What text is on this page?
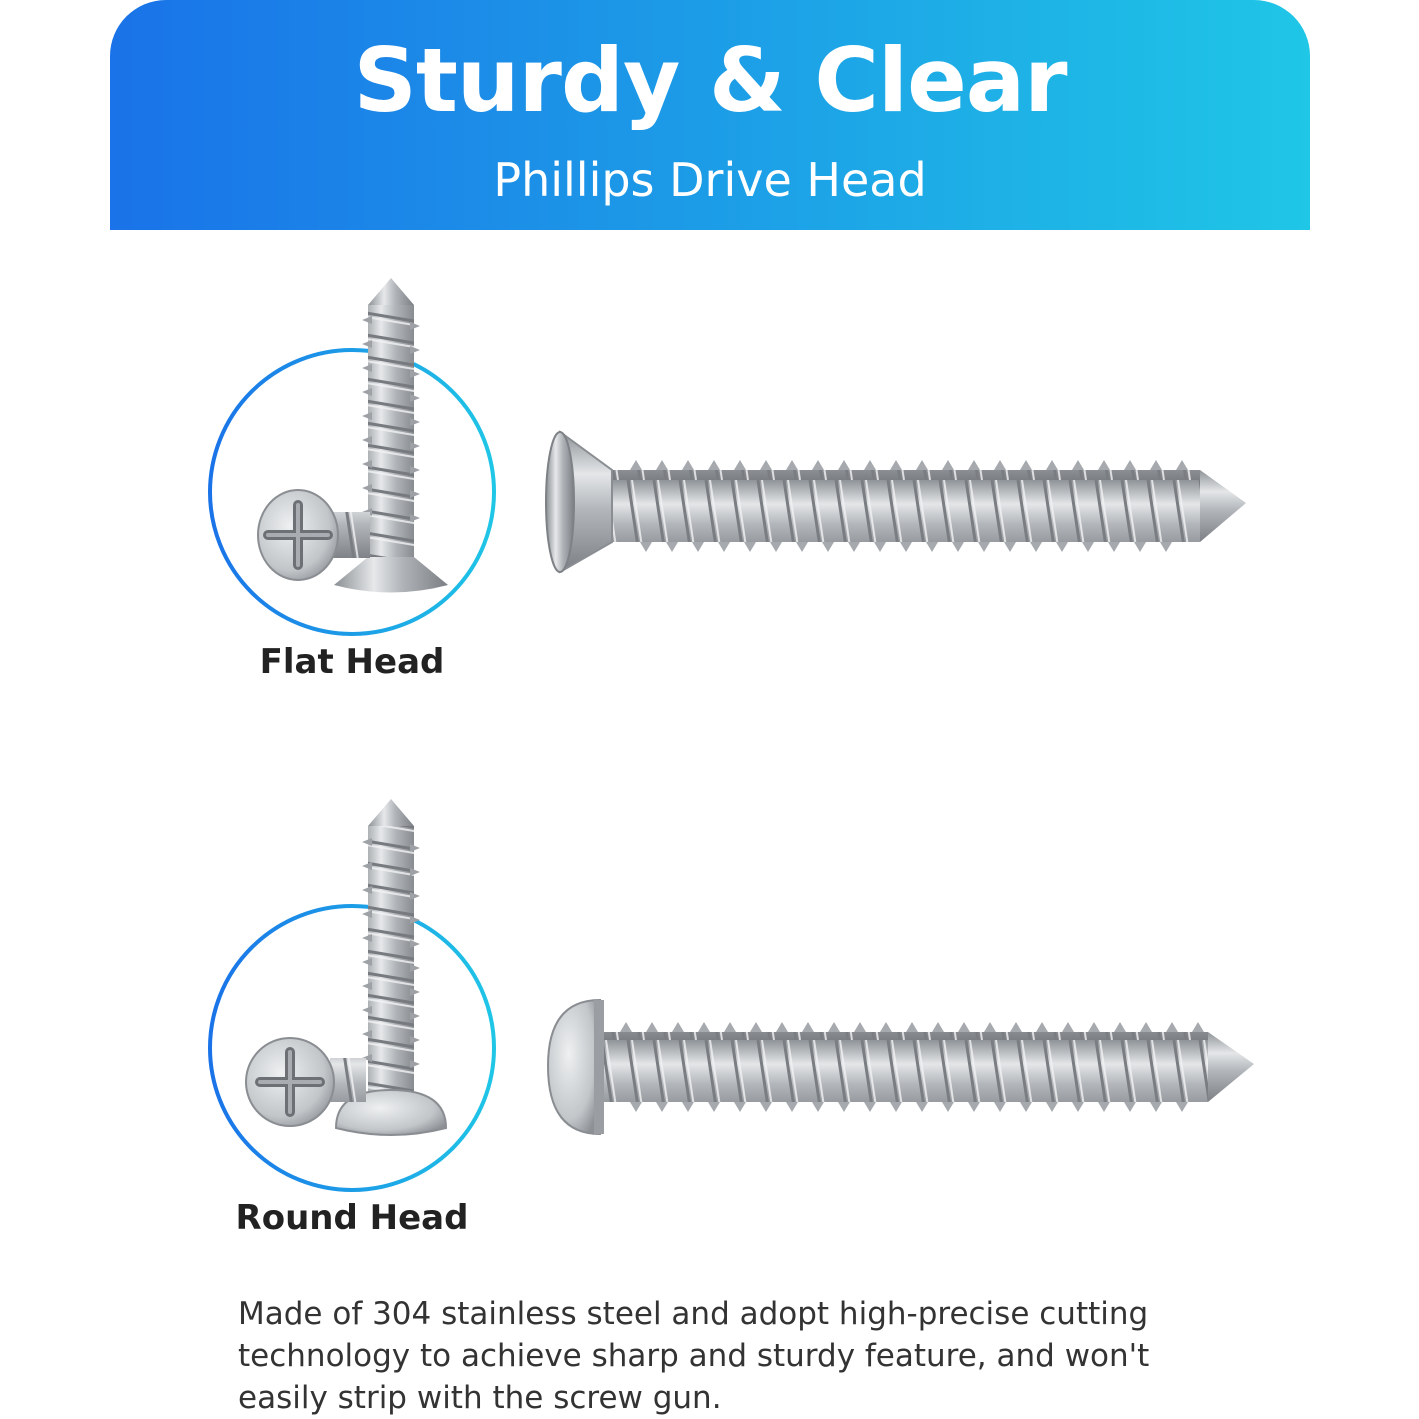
Sturdy & Clear
Phillips Drive Head
Flat Head
Round Head

Made of 304 stainless steel and adopt high-precise cutting technology to achieve sharp and sturdy feature, and won't easily strip with the screw gun.
